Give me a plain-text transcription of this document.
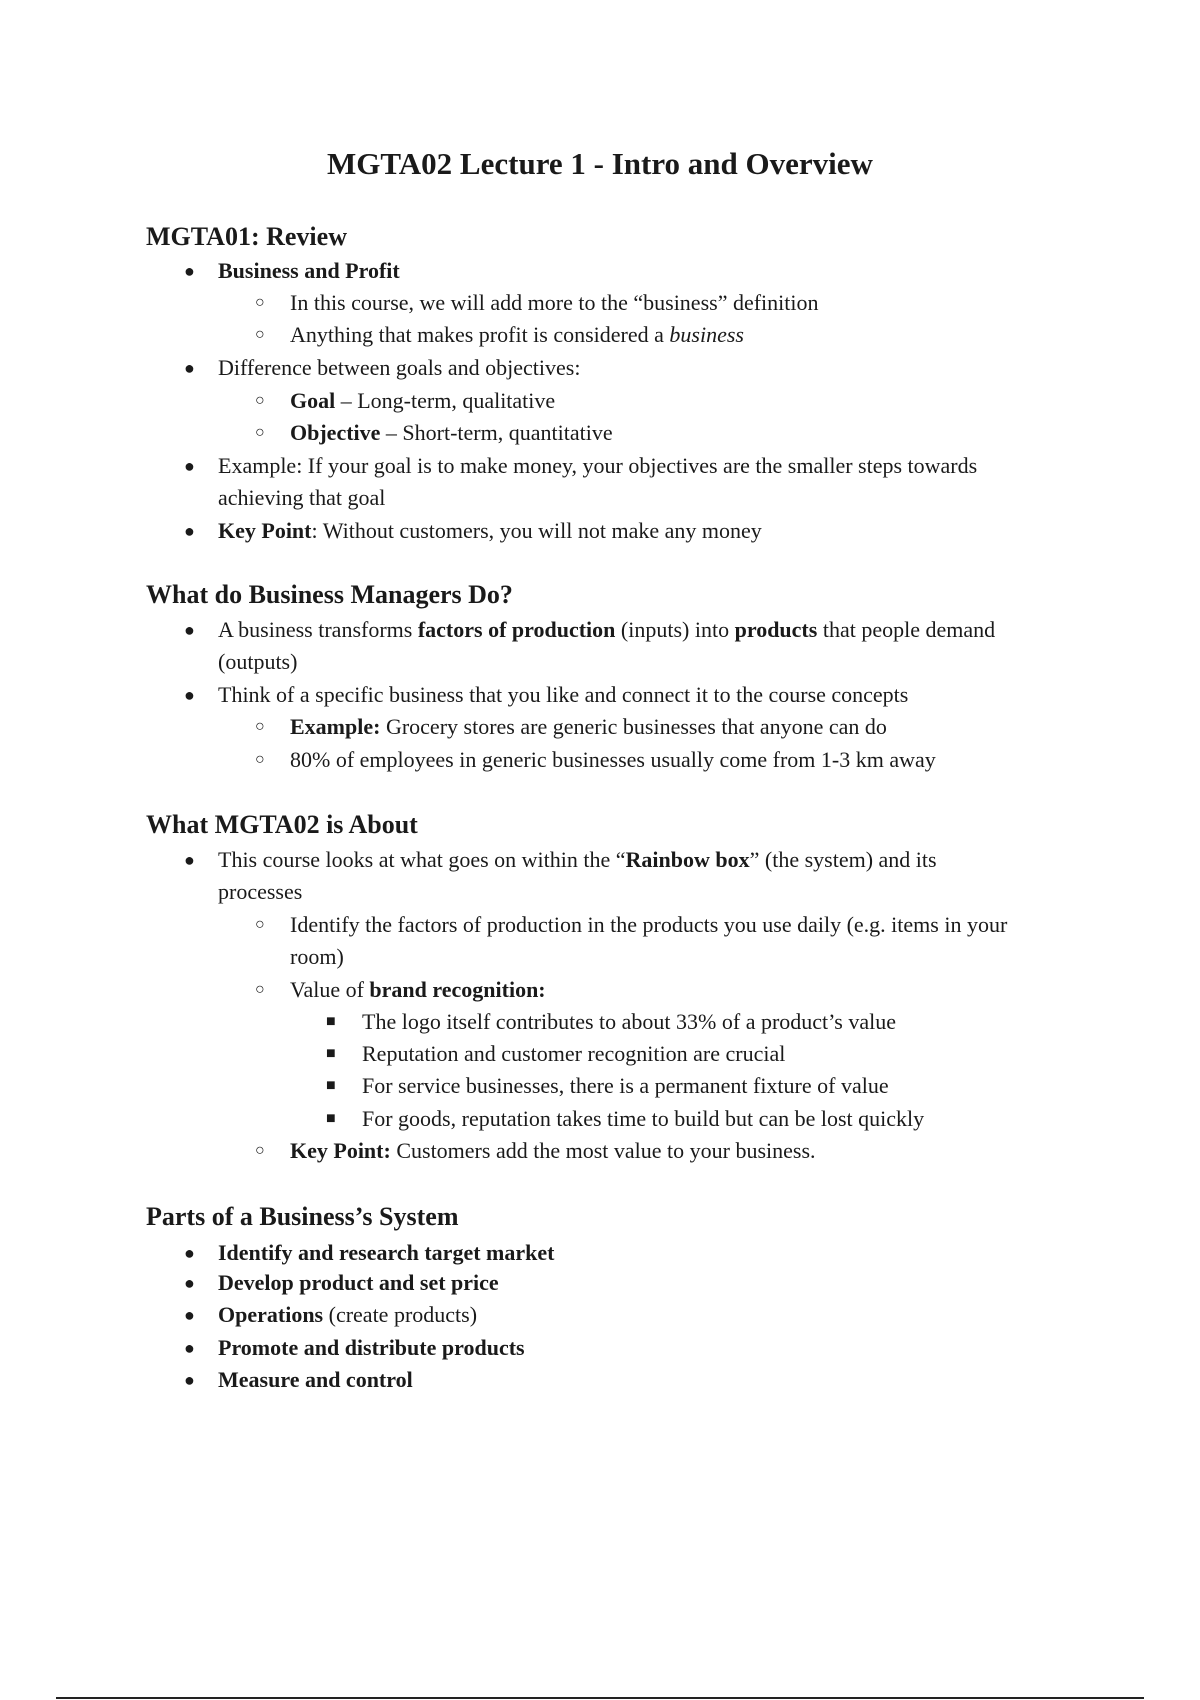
MGTA02 Lecture 1 - Intro and Overview
MGTA01: Review
● Business and Profit
○ In this course, we will add more to the “business” definition
○ Anything that makes profit is considered a business
● Difference between goals and objectives:
○ Goal – Long-term, qualitative
○ Objective – Short-term, quantitative
● Example: If your goal is to make money, your objectives are the smaller steps towards
achieving that goal
● Key Point: Without customers, you will not make any money
What do Business Managers Do?
● A business transforms factors of production (inputs) into products that people demand
(outputs)
● Think of a specific business that you like and connect it to the course concepts
○ Example: Grocery stores are generic businesses that anyone can do
○ 80% of employees in generic businesses usually come from 1-3 km away
What MGTA02 is About
● This course looks at what goes on within the “Rainbow box” (the system) and its
processes
○ Identify the factors of production in the products you use daily (e.g. items in your
room)
○ Value of brand recognition:
■ The logo itself contributes to about 33% of a product’s value
■ Reputation and customer recognition are crucial
■ For service businesses, there is a permanent fixture of value
■ For goods, reputation takes time to build but can be lost quickly
○ Key Point: Customers add the most value to your business.
Parts of a Business’s System
● Identify and research target market
● Develop product and set price
● Operations (create products)
● Promote and distribute products
● Measure and control
